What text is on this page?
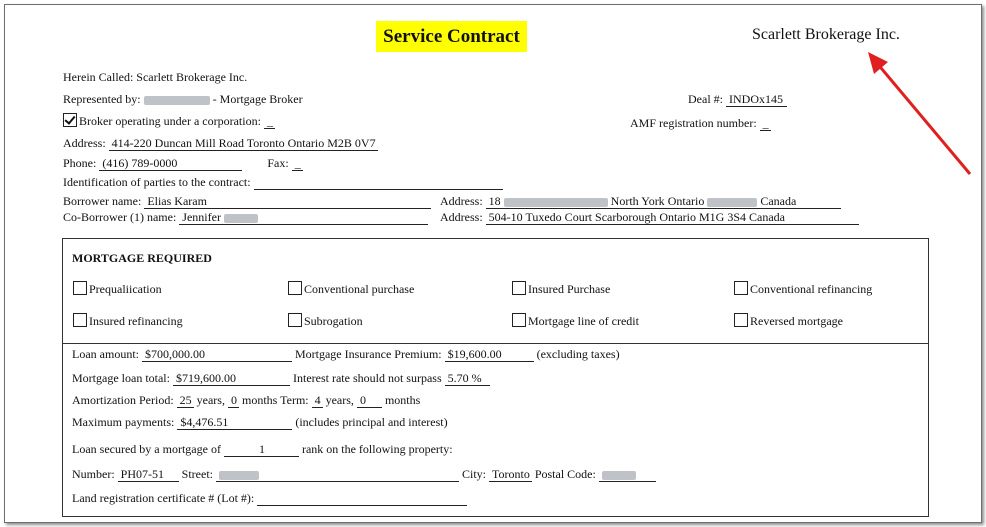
Service Contract	Scarlett Brokerage Inc.
Herein Called: Scarlett Brokerage Inc.
Represented by:	- Mortgage Broker	Deal #: INDOx145
Broker operating under a corporation: _	AMF registration number: _
Address: 414-220 Duncan Mill Road Toronto Ontario M2B 0V7
Phone: (416) 789-0000	Fax: _
Identification of parties to the contract:
Borrower name: Elias Karam	Address: 18	North York Ontario	Canada
Co-Borrower (1) name: Jennifer	Address: 504-10 Tuxedo Court Scarborough Ontario M1G 3S4 Canada
MORTGAGE REQUIRED
Prequaliication	Conventional purchase	Insured Purchase	Conventional refinancing
Insured refinancing	Subrogation	Mortgage line of credit	Reversed mortgage
Loan amount: $700,000.00	Mortgage Insurance Premium: $19,600.00	(excluding taxes)
Mortgage loan total: $719,600.00	Interest rate should not surpass 5.70 %
Amortization Period: 25 years, 0 months Term: 4 years, 0 months
Maximum payments: $4,476.51	(includes principal and interest)
Loan secured by a mortgage of	1	rank on the following property:
Number: PH07-51 Street:	City: Toronto Postal Code:
Land registration certificate # (Lot #):
